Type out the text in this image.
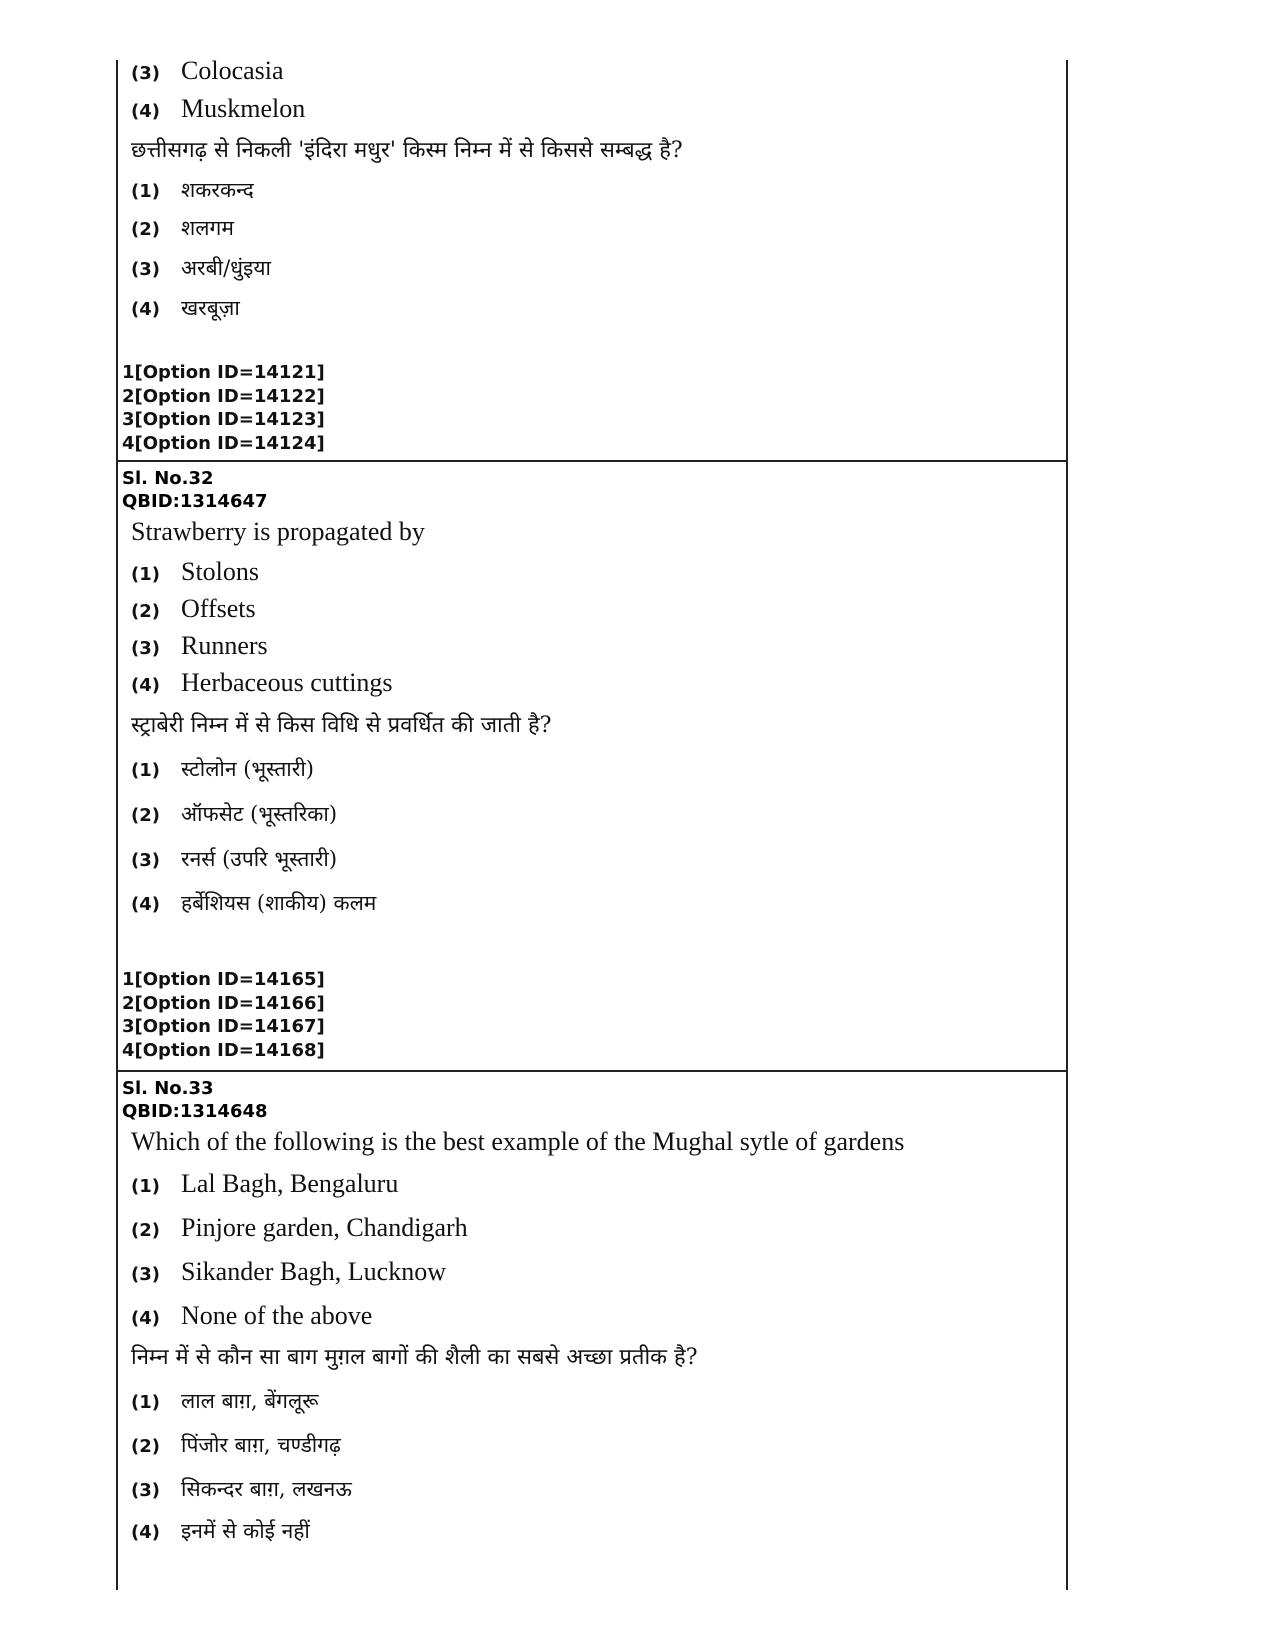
(3) Colocasia
(4) Muskmelon

छत्तीसगढ़ से निकली 'इंदिरा मधुर' किस्म निम्न में से किससे सम्बद्ध है?

(1)	शकरकन्द
(2)	शलगम
(3)	अरबी/धुंइया
(4)	खरबूज़ा

1[Option ID=14121]

2[Option ID=14122]

3[Option ID=14123]

4[Option ID=14124]

Sl. No.32

QBID:1314647

Strawberry is propagated by

(1) Stolons
(2) Offsets
(3) Runners
(4) Herbaceous cuttings

स्ट्राबेरी निम्न में से किस विधि से प्रवर्धित की जाती है?

(1)	स्टोलोन (भूस्तारी)
(2)	ऑफसेट (भूस्तरिका)
(3)	रनर्स (उपरि भूस्तारी)
(4)	हर्बेशियस (शाकीय) कलम

1[Option ID=14165]

2[Option ID=14166]

3[Option ID=14167]

4[Option ID=14168]

Sl. No.33

QBID:1314648

Which of the following is the best example of the Mughal sytle of gardens

(1) Lal Bagh, Bengaluru
(2) Pinjore garden, Chandigarh
(3) Sikander Bagh, Lucknow
(4) None of the above

निम्न में से कौन सा बाग मुग़ल बागों की शैली का सबसे अच्छा प्रतीक है?

(1)	लाल बाग़, बेंगलूरू
(2)	पिंजोर बाग़, चण्डीगढ़
(3)	सिकन्दर बाग़, लखनऊ
(4)	इनमें से कोई नहीं
